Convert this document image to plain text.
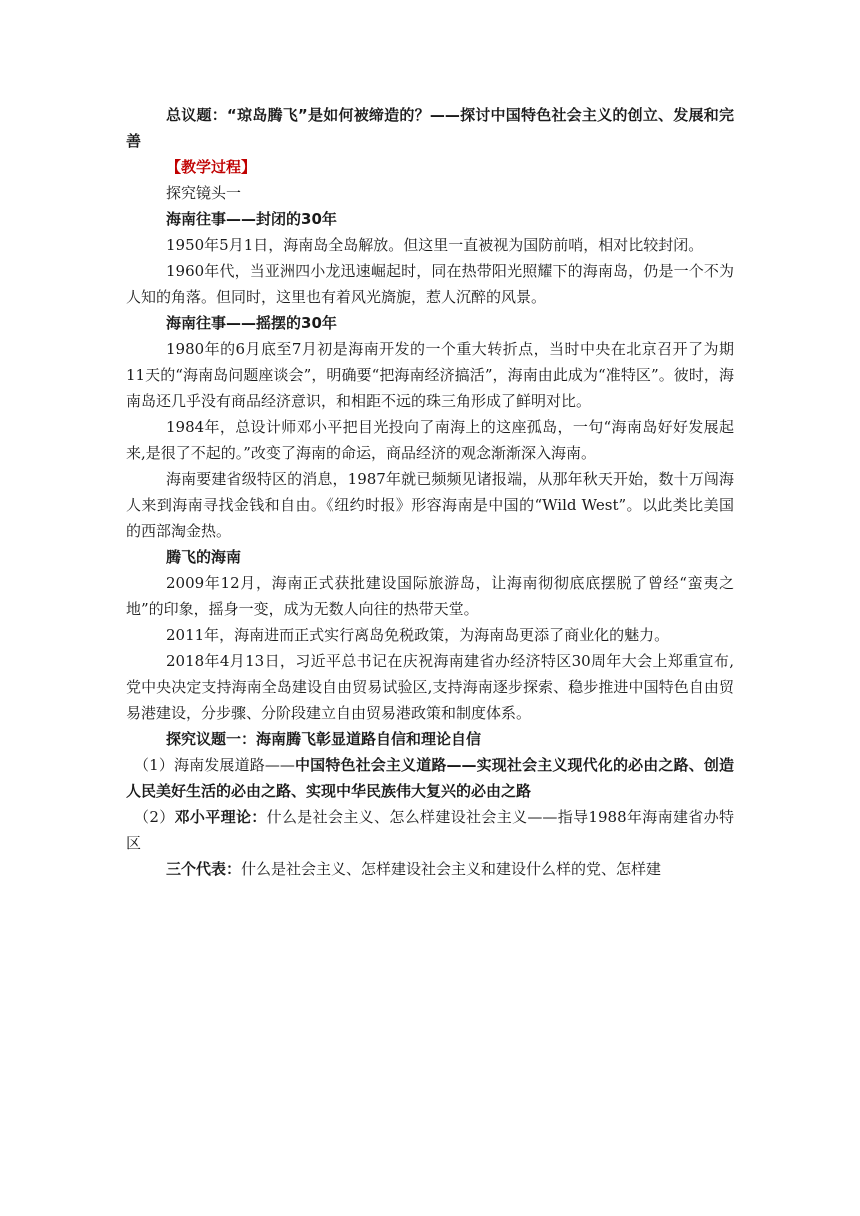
总议题：“琼岛腾飞”是如何被缔造的？——探讨中国特色社会主义的创立、发展和完善

【教学过程】

探究镜头一

海南往事——封闭的30年

1950年5月1日，海南岛全岛解放。但这里一直被视为国防前哨，相对比较封闭。

1960年代，当亚洲四小龙迅速崛起时，同在热带阳光照耀下的海南岛，仍是一个不为人知的角落。但同时，这里也有着风光旖旎，惹人沉醉的风景。

海南往事——摇摆的30年

1980年的6月底至7月初是海南开发的一个重大转折点，当时中央在北京召开了为期11天的“海南岛问题座谈会”，明确要“把海南经济搞活”，海南由此成为“准特区”。彼时，海南岛还几乎没有商品经济意识，和相距不远的珠三角形成了鲜明对比。

1984年，总设计师邓小平把目光投向了南海上的这座孤岛，一句“海南岛好好发展起来,是很了不起的。”改变了海南的命运，商品经济的观念渐渐深入海南。

海南要建省级特区的消息，1987年就已频频见诸报端，从那年秋天开始，数十万闯海人来到海南寻找金钱和自由。《纽约时报》形容海南是中国的“Wild West”。以此类比美国的西部淘金热。

腾飞的海南

2009年12月，海南正式获批建设国际旅游岛，让海南彻彻底底摆脱了曾经“蛮夷之地”的印象，摇身一变，成为无数人向往的热带天堂。

2011年，海南进而正式实行离岛免税政策，为海南岛更添了商业化的魅力。

2018年4月13日，习近平总书记在庆祝海南建省办经济特区30周年大会上郑重宣布,党中央决定支持海南全岛建设自由贸易试验区,支持海南逐步探索、稳步推进中国特色自由贸易港建设，分步骤、分阶段建立自由贸易港政策和制度体系。

探究议题一：海南腾飞彰显道路自信和理论自信

（1）海南发展道路——中国特色社会主义道路——实现社会主义现代化的必由之路、创造人民美好生活的必由之路、实现中华民族伟大复兴的必由之路

（2）邓小平理论：什么是社会主义、怎么样建设社会主义——指导1988年海南建省办特区

三个代表：什么是社会主义、怎样建设社会主义和建设什么样的党、怎样建
